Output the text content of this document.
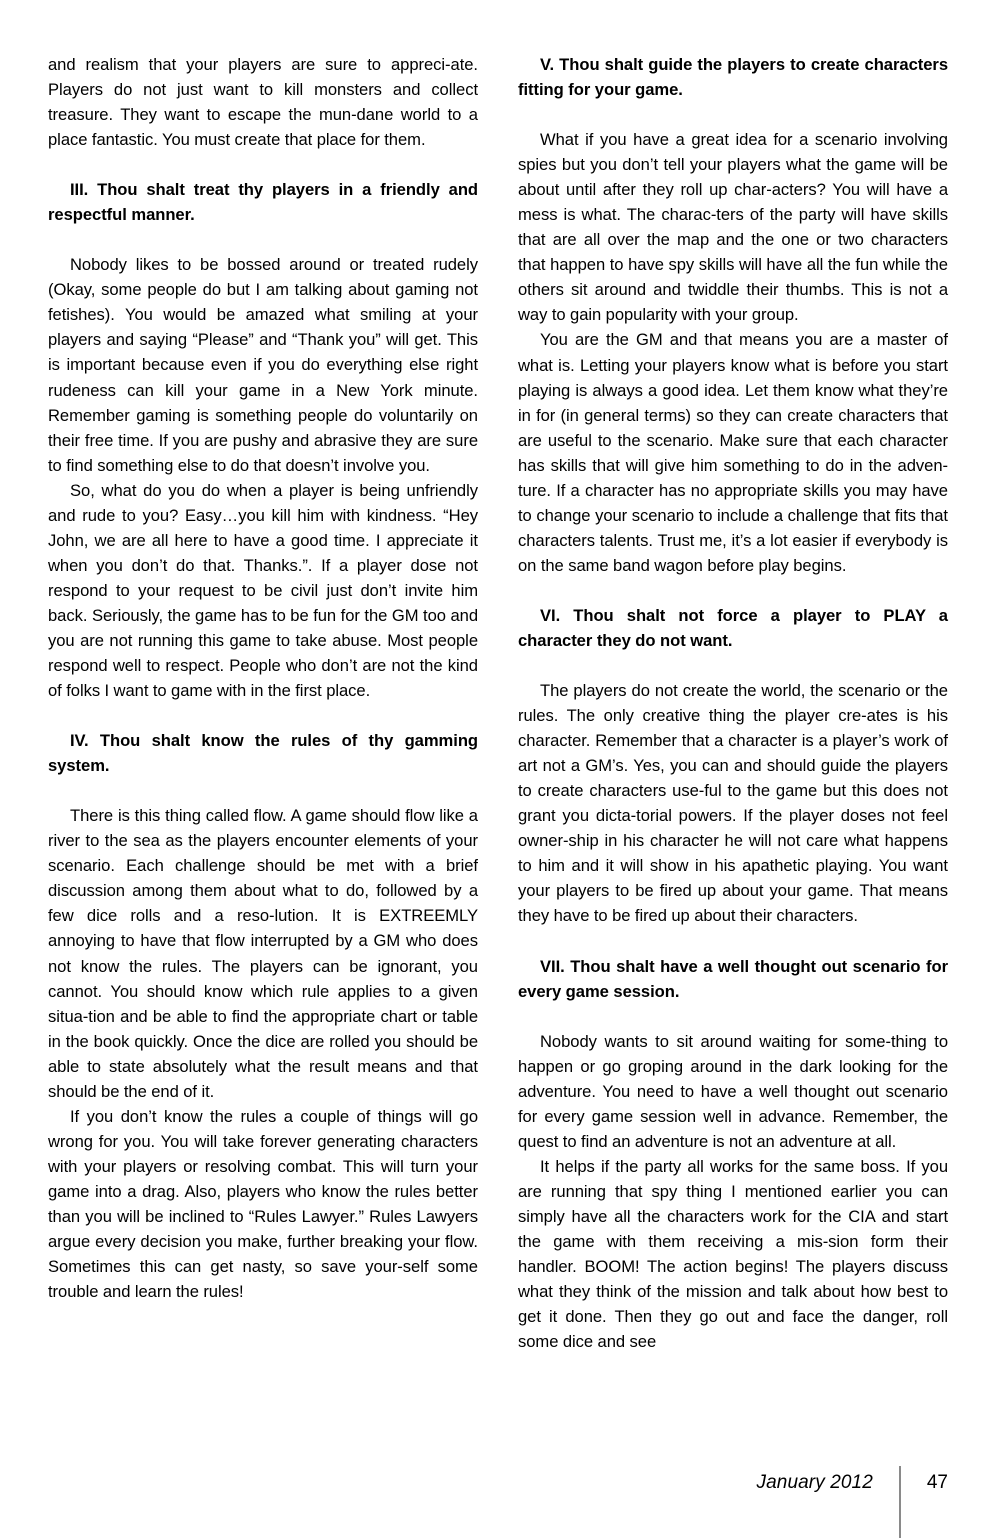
and realism that your players are sure to appreci-ate. Players do not just want to kill monsters and collect treasure. They want to escape the mun-dane world to a place fantastic. You must create that place for them.

III. Thou shalt treat thy players in a friendly and respectful manner.

Nobody likes to be bossed around or treated rudely (Okay, some people do but I am talking about gaming not fetishes). You would be amazed what smiling at your players and saying “Please” and “Thank you” will get. This is important because even if you do everything else right rudeness can kill your game in a New York minute. Remember gaming is something people do voluntarily on their free time. If you are pushy and abrasive they are sure to find something else to do that doesn’t involve you.

So, what do you do when a player is being unfriendly and rude to you? Easy…you kill him with kindness. “Hey John, we are all here to have a good time. I appreciate it when you don’t do that. Thanks.”. If a player dose not respond to your request to be civil just don’t invite him back. Seriously, the game has to be fun for the GM too and you are not running this game to take abuse. Most people respond well to respect. People who don’t are not the kind of folks I want to game with in the first place.

IV. Thou shalt know the rules of thy gamming system.

There is this thing called flow. A game should flow like a river to the sea as the players encounter elements of your scenario. Each challenge should be met with a brief discussion among them about what to do, followed by a few dice rolls and a reso-lution. It is EXTREEMLY annoying to have that flow interrupted by a GM who does not know the rules. The players can be ignorant, you cannot. You should know which rule applies to a given situa-tion and be able to find the appropriate chart or table in the book quickly. Once the dice are rolled you should be able to state absolutely what the result means and that should be the end of it.

If you don’t know the rules a couple of things will go wrong for you. You will take forever generating characters with your players or resolving combat. This will turn your game into a drag. Also, players who know the rules better than you will be inclined to “Rules Lawyer.” Rules Lawyers argue every decision you make, further breaking your flow. Sometimes this can get nasty, so save your-self some trouble and learn the rules!

V. Thou shalt guide the players to create characters fitting for your game.

What if you have a great idea for a scenario involving spies but you don’t tell your players what the game will be about until after they roll up char-acters? You will have a mess is what. The charac-ters of the party will have skills that are all over the map and the one or two characters that happen to have spy skills will have all the fun while the others sit around and twiddle their thumbs. This is not a way to gain popularity with your group.

You are the GM and that means you are a master of what is. Letting your players know what is before you start playing is always a good idea. Let them know what they’re in for (in general terms) so they can create characters that are useful to the scenario. Make sure that each character has skills that will give him something to do in the adven-ture. If a character has no appropriate skills you may have to change your scenario to include a challenge that fits that characters talents. Trust me, it’s a lot easier if everybody is on the same band wagon before play begins.

VI. Thou shalt not force a player to PLAY a character they do not want.

The players do not create the world, the scenario or the rules. The only creative thing the player cre-ates is his character. Remember that a character is a player’s work of art not a GM’s. Yes, you can and should guide the players to create characters use-ful to the game but this does not grant you dicta-torial powers. If the player doses not feel owner-ship in his character he will not care what happens to him and it will show in his apathetic playing. You want your players to be fired up about your game. That means they have to be fired up about their characters.

VII. Thou shalt have a well thought out scenario for every game session.

Nobody wants to sit around waiting for some-thing to happen or go groping around in the dark looking for the adventure. You need to have a well thought out scenario for every game session well in advance. Remember, the quest to find an adventure is not an adventure at all.

It helps if the party all works for the same boss. If you are running that spy thing I mentioned earlier you can simply have all the characters work for the CIA and start the game with them receiving a mis-sion form their handler. BOOM! The action begins! The players discuss what they think of the mission and talk about how best to get it done. Then they go out and face the danger, roll some dice and see

January 2012	47
